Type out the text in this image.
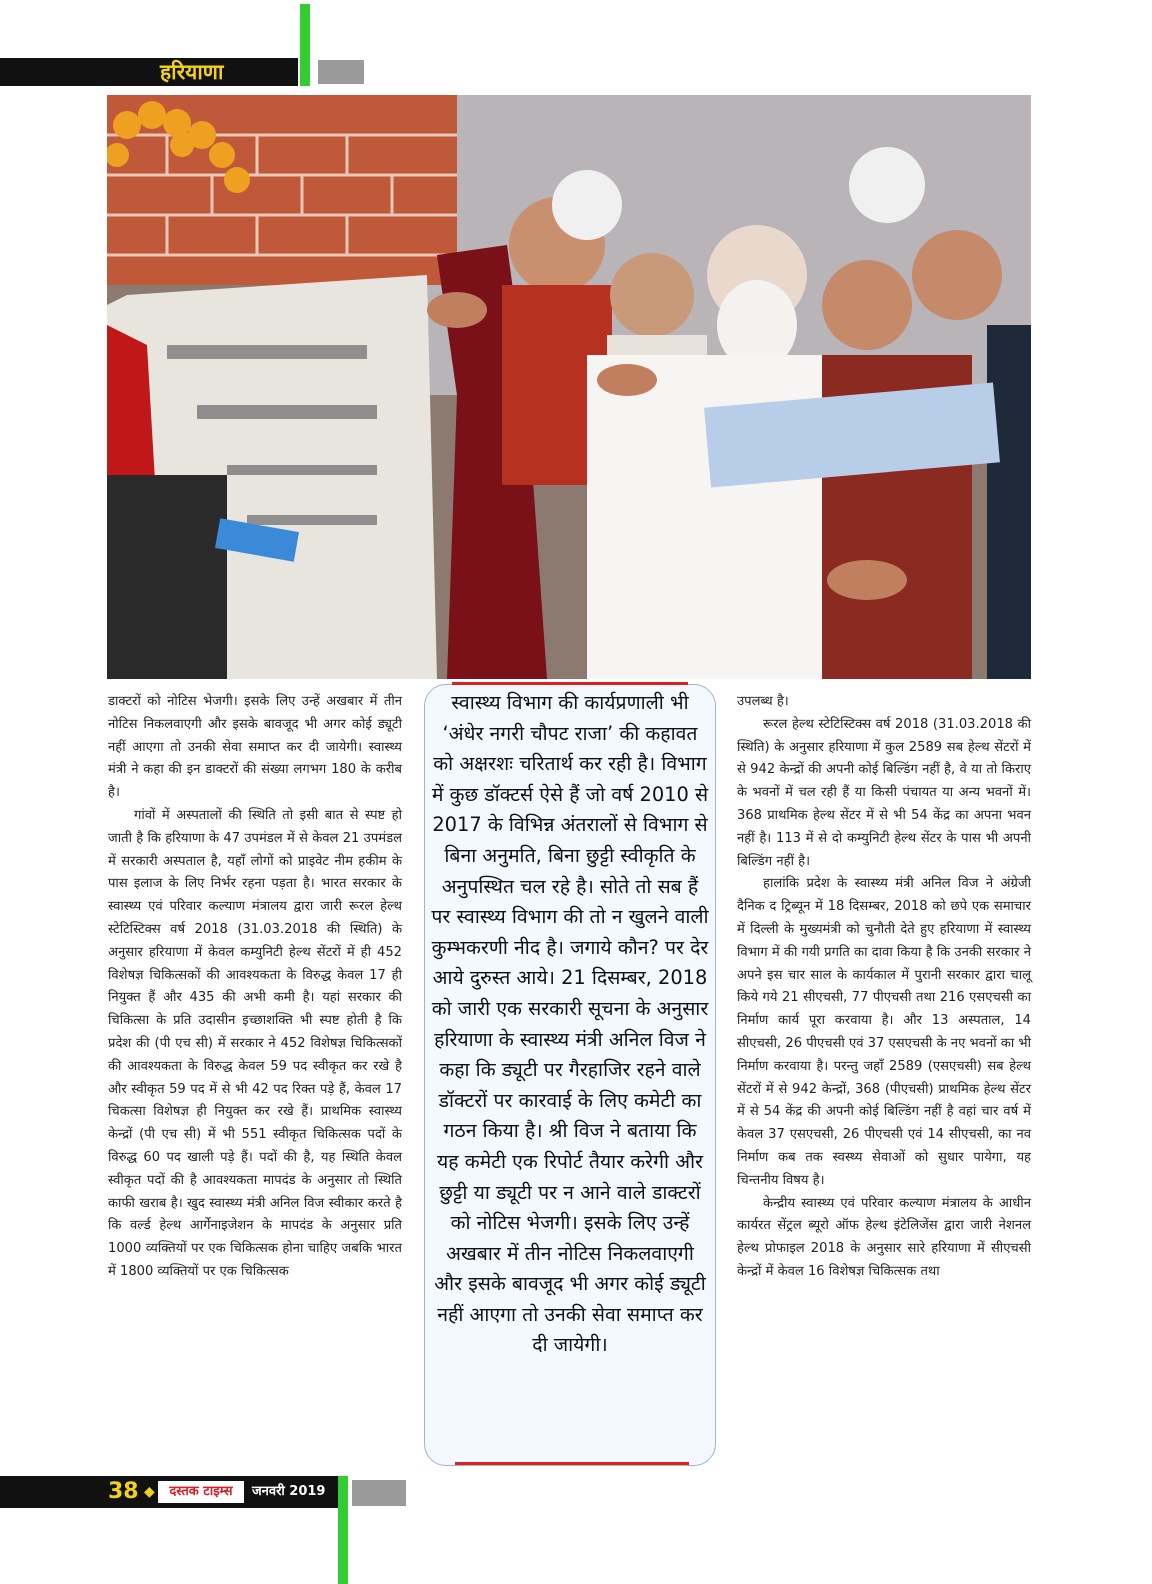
हरियाणा

डाक्टरों को नोटिस भेजगी। इसके लिए उन्हें अखबार में तीन नोटिस निकलवाएगी और इसके बावजूद भी अगर कोई ड्यूटी नहीं आएगा तो उनकी सेवा समाप्त कर दी जायेगी। स्वास्थ्य मंत्री ने कहा की इन डाक्टरों की संख्या लगभग 180 के करीब है।

गांवों में अस्पतालों की स्थिति तो इसी बात से स्पष्ट हो जाती है कि हरियाणा के 47 उपमंडल में से केवल 21 उपमंडल में सरकारी अस्पताल है, यहाँ लोगों को प्राइवेट नीम हकीम के पास इलाज के लिए निर्भर रहना पड़ता है। भारत सरकार के स्वास्थ्य एवं परिवार कल्याण मंत्रालय द्वारा जारी रूरल हेल्थ स्टेटिस्टिक्स वर्ष 2018 (31.03.2018 की स्थिति) के अनुसार हरियाणा में केवल कम्युनिटी हेल्थ सेंटरों में ही 452 विशेषज्ञ चिकित्सकों की आवश्यकता के विरुद्ध केवल 17 ही नियुक्त हैं और 435 की अभी कमी है। यहां सरकार की चिकित्सा के प्रति उदासीन इच्छाशक्ति भी स्पष्ट होती है कि प्रदेश की (पी एच सी) में सरकार ने 452 विशेषज्ञ चिकित्सकों की आवश्यकता के विरुद्ध केवल 59 पद स्वीकृत कर रखे है और स्वीकृत 59 पद में से भी 42 पद रिक्त पड़े हैं, केवल 17 चिकत्सा विशेषज्ञ ही नियुक्त कर रखे हैं। प्राथमिक स्वास्थ्य केन्द्रों (पी एच सी) में भी 551 स्वीकृत चिकित्सक पदों के विरुद्ध 60 पद खाली पड़े हैं। पदों की है, यह स्थिति केवल स्वीकृत पदों की है आवश्यकता मापदंड के अनुसार तो स्थिति काफी खराब है। खुद स्वास्थ्य मंत्री अनिल विज स्वीकार करते है कि वर्ल्ड हेल्थ आर्गेनाइजेशन के मापदंड के अनुसार प्रति 1000 व्यक्तियों पर एक चिकित्सक होना चाहिए जबकि भारत में 1800 व्यक्तियों पर एक चिकित्सक

स्वास्थ्य विभाग की कार्यप्रणाली भी ‘अंधेर नगरी चौपट राजा’ की कहावत को अक्षरशः चरितार्थ कर रही है। विभाग में कुछ डॉक्टर्स ऐसे हैं जो वर्ष 2010 से 2017 के विभिन्न अंतरालों से विभाग से बिना अनुमति, बिना छुट्टी स्वीकृति के अनुपस्थित चल रहे है। सोते तो सब हैं पर स्वास्थ्य विभाग की तो न खुलने वाली कुम्भकरणी नीद है। जगाये कौन? पर देर आये दुरुस्त आये। 21 दिसम्बर, 2018 को जारी एक सरकारी सूचना के अनुसार हरियाणा के स्वास्थ्य मंत्री अनिल विज ने कहा कि ड्यूटी पर गैरहाजिर रहने वाले डॉक्टरों पर कारवाई के लिए कमेटी का गठन किया है। श्री विज ने बताया कि यह कमेटी एक रिपोर्ट तैयार करेगी और छुट्टी या ड्यूटी पर न आने वाले डाक्टरों को नोटिस भेजगी। इसके लिए उन्हें अखबार में तीन नोटिस निकलवाएगी और इसके बावजूद भी अगर कोई ड्यूटी नहीं आएगा तो उनकी सेवा समाप्त कर दी जायेगी।

उपलब्ध है।

रूरल हेल्थ स्टेटिस्टिक्स वर्ष 2018 (31.03.2018 की स्थिति) के अनुसार हरियाणा में कुल 2589 सब हेल्थ सेंटरों में से 942 केन्द्रों की अपनी कोई बिल्डिंग नहीं है, वे या तो किराए के भवनों में चल रही हैं या किसी पंचायत या अन्य भवनों में। 368 प्राथमिक हेल्थ सेंटर में से भी 54 केंद्र का अपना भवन नहीं है। 113 में से दो कम्युनिटी हेल्थ सेंटर के पास भी अपनी बिल्डिंग नहीं है।

हालांकि प्रदेश के स्वास्थ्य मंत्री अनिल विज ने अंग्रेजी दैनिक द ट्रिब्यून में 18 दिसम्बर, 2018 को छपे एक समाचार में दिल्ली के मुख्यमंत्री को चुनौती देते हुए हरियाणा में स्वास्थ्य विभाग में की गयी प्रगति का दावा किया है कि उनकी सरकार ने अपने इस चार साल के कार्यकाल में पुरानी सरकार द्वारा चालू किये गये 21 सीएचसी, 77 पीएचसी तथा 216 एसएचसी का निर्माण कार्य पूरा करवाया है। और 13 अस्पताल, 14 सीएचसी, 26 पीएचसी एवं 37 एसएचसी के नए भवनों का भी निर्माण करवाया है। परन्तु जहाँ 2589 (एसएचसी) सब हेल्थ सेंटरों में से 942 केन्द्रों, 368 (पीएचसी) प्राथमिक हेल्थ सेंटर में से 54 केंद्र की अपनी कोई बिल्डिंग नहीं है वहां चार वर्ष में केवल 37 एसएचसी, 26 पीएचसी एवं 14 सीएचसी, का नव निर्माण कब तक स्वस्थ्य सेवाओं को सुधार पायेगा, यह चिन्तनीय विषय है।

केन्द्रीय स्वास्थ्य एवं परिवार कल्याण मंत्रालय के आधीन कार्यरत सेंट्रल ब्यूरो ऑफ हेल्थ इंटेलिजेंस द्वारा जारी नेशनल हेल्थ प्रोफाइल 2018 के अनुसार सारे हरियाणा में सीएचसी केन्द्रों में केवल 16 विशेषज्ञ चिकित्सक तथा

38 ◆	दस्तक टाइम्स	जनवरी 2019
